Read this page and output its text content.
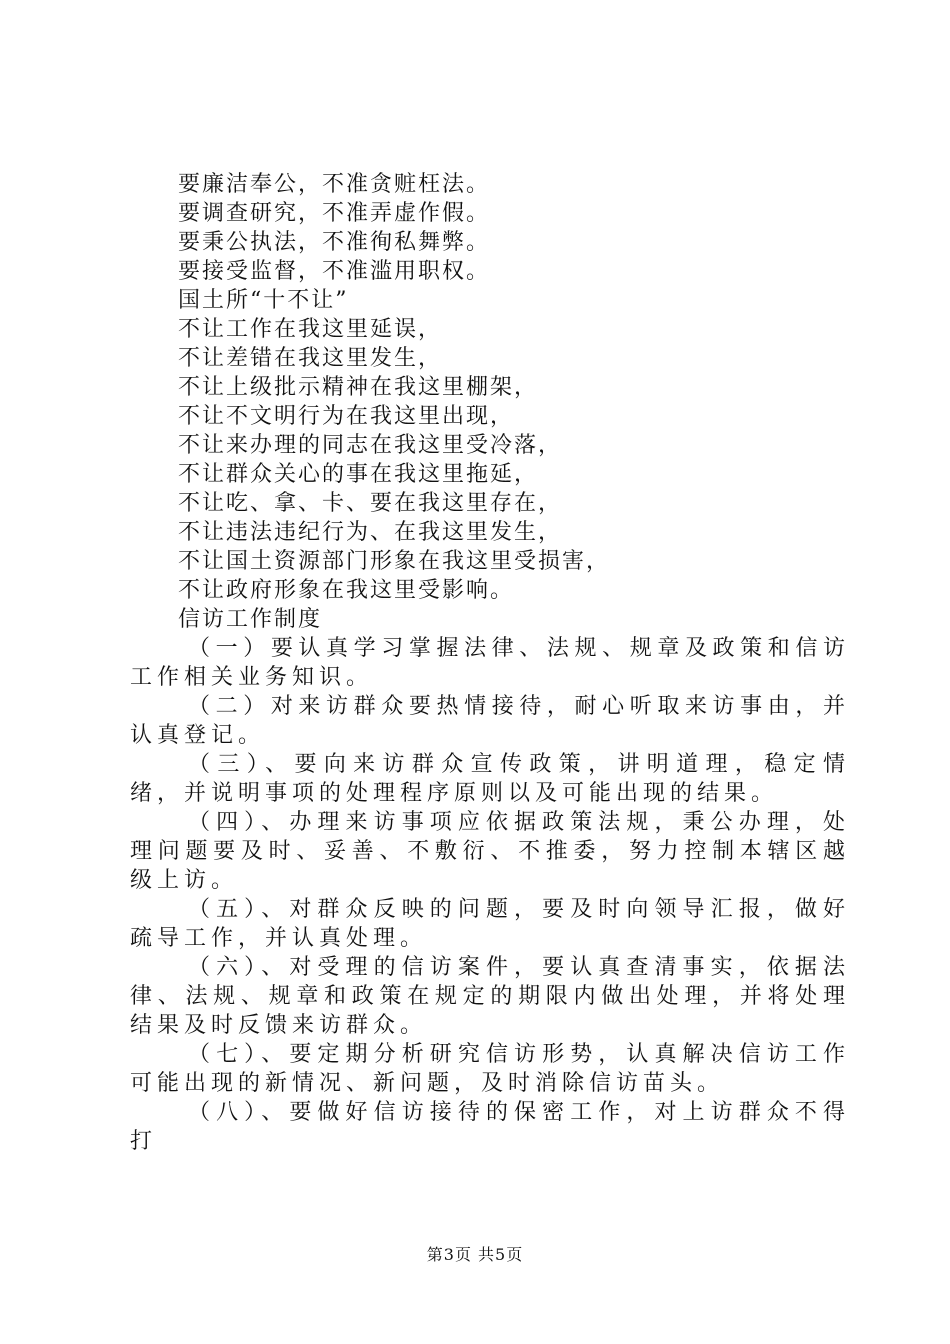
要廉洁奉公，不准贪赃枉法。
要调查研究，不准弄虚作假。
要秉公执法，不准徇私舞弊。
要接受监督，不准滥用职权。
国土所“十不让”
不让工作在我这里延误，
不让差错在我这里发生，
不让上级批示精神在我这里棚架，
不让不文明行为在我这里出现，
不让来办理的同志在我这里受冷落，
不让群众关心的事在我这里拖延，
不让吃、拿、卡、要在我这里存在，
不让违法违纪行为、在我这里发生，
不让国土资源部门形象在我这里受损害，
不让政府形象在我这里受影响。
信访工作制度

（一）要认真学习掌握法律、法规、规章及政策和信访工作相关业务知识。

（二）对来访群众要热情接待，耐心听取来访事由，并认真登记。

（三）、要向来访群众宣传政策，讲明道理，稳定情绪，并说明事项的处理程序原则以及可能出现的结果。

（四）、办理来访事项应依据政策法规，秉公办理，处理问题要及时、妥善、不敷衍、不推委，努力控制本辖区越级上访。

（五）、对群众反映的问题，要及时向领导汇报，做好疏导工作，并认真处理。

（六）、对受理的信访案件，要认真查清事实，依据法律、法规、规章和政策在规定的期限内做出处理，并将处理结果及时反馈来访群众。

（七）、要定期分析研究信访形势，认真解决信访工作可能出现的新情况、新问题，及时消除信访苗头。

（八）、要做好信访接待的保密工作，对上访群众不得打

第3页 共5页
